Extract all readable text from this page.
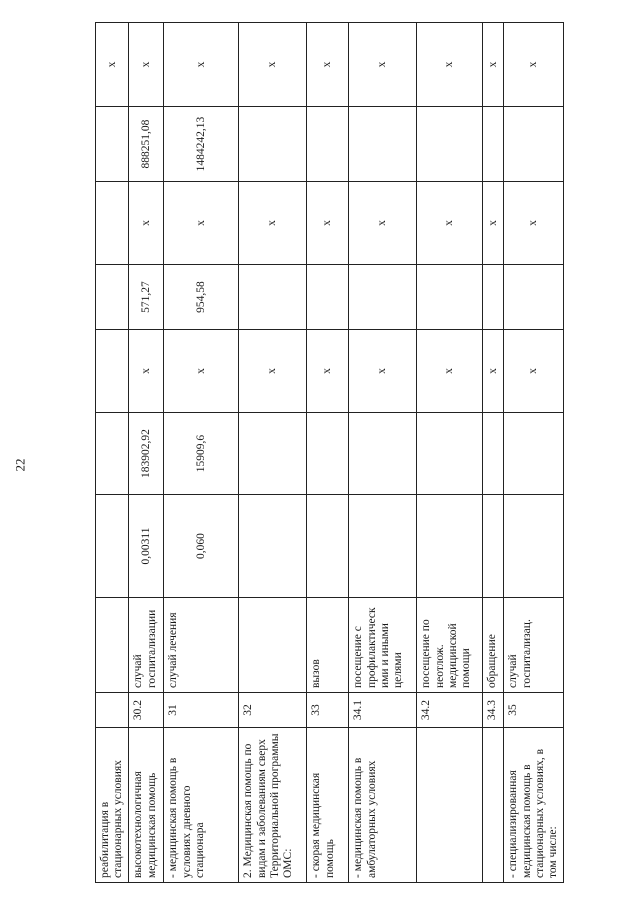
22
реабилитация в стационарных условиях									х
высокотехнологичная медицинская помощь	30.2	случай госпитализации	0,00311	183902,92	х	571,27	х	888251,08	х
- медицинская помощь в условиях дневного стационара	31	случай лечения	0,060	15909,6	х	954,58	х	1484242,13	х
2. Медицинская помощь по видам и заболеваниям сверх Территориальной программы ОМС:	32				х		х		х
- скорая медицинская помощь	33	вызов			х		х		х
- медицинская помощь в амбулаторных условиях	34.1	посещение с профилактическ ими и иными целями			х		х		х
	34.2	посещение по неотлож. медицинской помощи			х		х		х
	34.3	обращение			х		х		х
- специализированная медицинская помощь в стационарных условиях, в том числе:	35	случай госпитализац.			х		х		х
